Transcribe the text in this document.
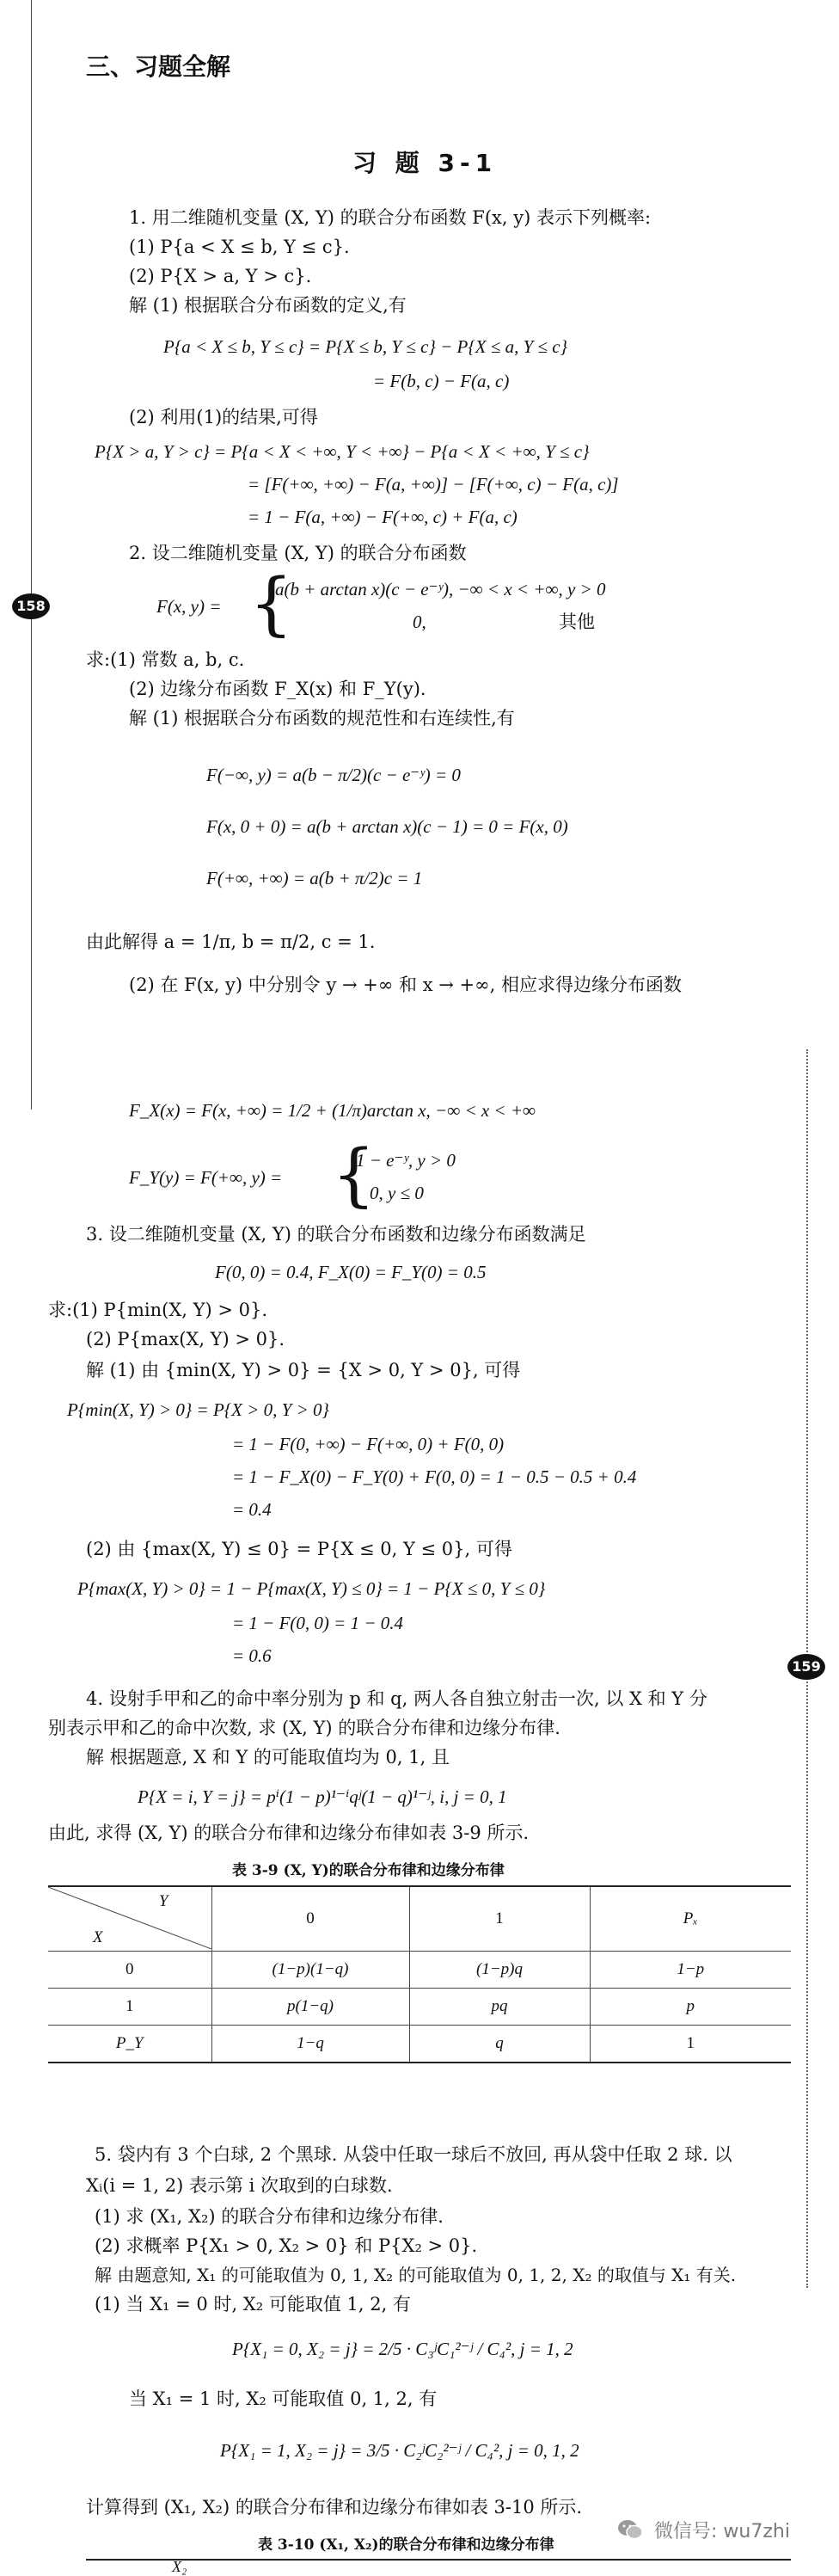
158
159
三、习题全解
习 题 3-1
1. 用二维随机变量 (X, Y) 的联合分布函数 F(x, y) 表示下列概率:
(1) P{a < X ≤ b, Y ≤ c}.
(2) P{X > a, Y > c}.
解 (1) 根据联合分布函数的定义,有
P{a < X ≤ b, Y ≤ c} = P{X ≤ b, Y ≤ c} − P{X ≤ a, Y ≤ c}
= F(b, c) − F(a, c)
(2) 利用(1)的结果,可得
P{X > a, Y > c} = P{a < X < +∞, Y < +∞} − P{a < X < +∞, Y ≤ c}
= [F(+∞, +∞) − F(a, +∞)] − [F(+∞, c) − F(a, c)]
= 1 − F(a, +∞) − F(+∞, c) + F(a, c)
2. 设二维随机变量 (X, Y) 的联合分布函数
F(x, y) = {
a(b + arctan x)(c − e⁻ʸ), −∞ < x < +∞, y > 0
0,	其他
求:(1) 常数 a, b, c.
(2) 边缘分布函数 F_X(x) 和 F_Y(y).
解 (1) 根据联合分布函数的规范性和右连续性,有
F(−∞, y) = a(b − π/2)(c − e⁻ʸ) = 0
F(x, 0 + 0) = a(b + arctan x)(c − 1) = 0 = F(x, 0)
F(+∞, +∞) = a(b + π/2)c = 1
由此解得 a = 1/π, b = π/2, c = 1.
(2) 在 F(x, y) 中分别令 y → +∞ 和 x → +∞, 相应求得边缘分布函数
F_X(x) = F(x, +∞) = 1/2 + (1/π)arctan x, −∞ < x < +∞
F_Y(y) = F(+∞, y) = {
1 − e⁻ʸ, y > 0
0, y ≤ 0
3. 设二维随机变量 (X, Y) 的联合分布函数和边缘分布函数满足
F(0, 0) = 0.4, F_X(0) = F_Y(0) = 0.5
求:(1) P{min(X, Y) > 0}.
(2) P{max(X, Y) > 0}.
解 (1) 由 {min(X, Y) > 0} = {X > 0, Y > 0}, 可得
P{min(X, Y) > 0} = P{X > 0, Y > 0}
= 1 − F(0, +∞) − F(+∞, 0) + F(0, 0)
= 1 − F_X(0) − F_Y(0) + F(0, 0) = 1 − 0.5 − 0.5 + 0.4
= 0.4
(2) 由 {max(X, Y) ≤ 0} = P{X ≤ 0, Y ≤ 0}, 可得
P{max(X, Y) > 0} = 1 − P{max(X, Y) ≤ 0} = 1 − P{X ≤ 0, Y ≤ 0}
= 1 − F(0, 0) = 1 − 0.4
= 0.6
4. 设射手甲和乙的命中率分别为 p 和 q, 两人各自独立射击一次, 以 X 和 Y 分
别表示甲和乙的命中次数, 求 (X, Y) 的联合分布律和边缘分布律.
解 根据题意, X 和 Y 的可能取值均为 0, 1, 且
P{X = i, Y = j} = pⁱ(1 − p)¹⁻ⁱqʲ(1 − q)¹⁻ʲ, i, j = 0, 1
由此, 求得 (X, Y) 的联合分布律和边缘分布律如表 3-9 所示.
表 3-9 (X, Y)的联合分布律和边缘分布律
Y
X	0	1	Pₓ
0	(1−p)(1−q)	(1−p)q	1−p
1	p(1−q)	pq	p
P_Y	1−q	q	1
5. 袋内有 3 个白球, 2 个黑球. 从袋中任取一球后不放回, 再从袋中任取 2 球. 以
Xᵢ(i = 1, 2) 表示第 i 次取到的白球数.
(1) 求 (X₁, X₂) 的联合分布律和边缘分布律.
(2) 求概率 P{X₁ > 0, X₂ > 0} 和 P{X₂ > 0}.
解 由题意知, X₁ 的可能取值为 0, 1, X₂ 的可能取值为 0, 1, 2, X₂ 的取值与 X₁ 有关.
(1) 当 X₁ = 0 时, X₂ 可能取值 1, 2, 有
P{X₁ = 0, X₂ = j} = 2/5 · C₃ʲC₁²⁻ʲ / C₄², j = 1, 2
当 X₁ = 1 时, X₂ 可能取值 0, 1, 2, 有
P{X₁ = 1, X₂ = j} = 3/5 · C₂ʲC₂²⁻ʲ / C₄², j = 0, 1, 2
计算得到 (X₁, X₂) 的联合分布律和边缘分布律如表 3-10 所示.
表 3-10 (X₁, X₂)的联合分布律和边缘分布律
X₂
微信号: wu7zhi
